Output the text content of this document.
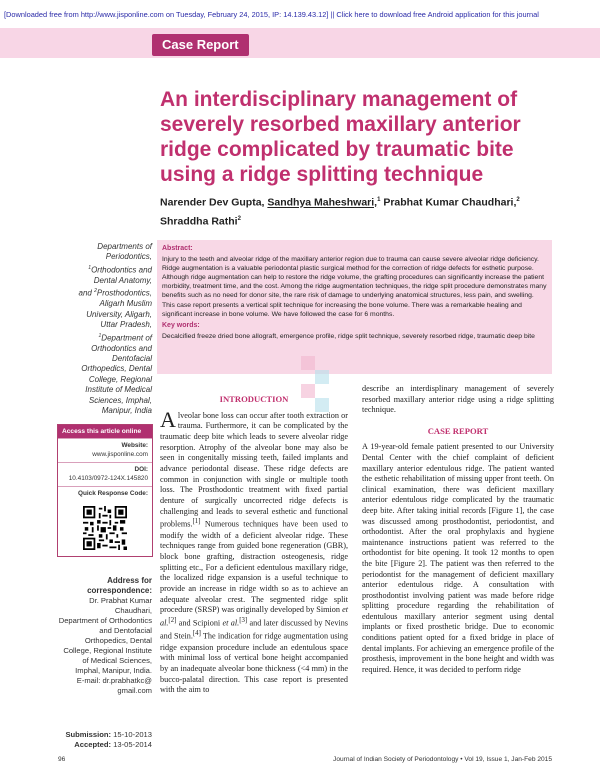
[Downloaded free from http://www.jisponline.com on Tuesday, February 24, 2015, IP: 14.139.43.12] || Click here to download free Android application for this journal
Case Report
An interdisciplinary management of severely resorbed maxillary anterior ridge complicated by traumatic bite using a ridge splitting technique
Narender Dev Gupta, Sandhya Maheshwari,$^1$ Prabhat Kumar Chaudhari,$^2$
Shraddha Rathi$^2$
Departments of
Periodontics,
$^1$Orthodontics and
Dental Anatomy,
and $^2$Prosthodontics,
Aligarh Muslim
University, Aligarh,
Uttar Pradesh,
$^1$Department of
Orthodontics and
Dentofacial
Orthopedics, Dental
College, Regional
Institute of Medical
Sciences, Imphal,
Manipur, India
Abstract:

Injury to the teeth and alveolar ridge of the maxillary anterior region due to trauma can cause severe alveolar ridge deficiency. Ridge augmentation is a valuable periodontal plastic surgical method for the correction of ridge defects for esthetic purpose. Although ridge augmentation can help to restore the ridge volume, the grafting procedures can significantly increase the patient morbidity, treatment time, and the cost. Among the ridge augmentation techniques, the ridge split procedure demonstrates many benefits such as no need for donor site, the rare risk of damage to underlying anatomical structures, less pain, and swelling. This case report presents a vertical split technique for increasing the bone volume. There was a remarkable healing and significant increase in bone volume. We have followed the case for 6 months.

Key words:

Decalcified freeze dried bone allograft, emergence profile, ridge split technique, severely resorbed ridge, traumatic deep bite

Access this article online
Website:
www.jisponline.com
DOI:
10.4103/0972-124X.145820
Quick Response Code:
Address for
correspondence:
Dr. Prabhat Kumar
Chaudhari,
Department of Orthodontics
and Dentofacial
Orthopedics, Dental
College, Regional Institute
of Medical Sciences,
Imphal, Manipur, India.
E-mail: dr.prabhatkc@
gmail.com
Submission: 15-10-2013
Accepted: 13-05-2014
INTRODUCTION

Alveolar bone loss can occur after tooth extraction or trauma. Furthermore, it can be complicated by the traumatic deep bite which leads to severe alveolar ridge resorption. Atrophy of the alveolar bone may also be seen in congenitally missing teeth, failed implants and advance periodontal disease. These ridge defects are common in conjunction with single or multiple tooth loss. The Prosthodontic treatment with fixed partial denture of surgically uncorrected ridge defects is challenging and leads to several esthetic and functional problems.[1] Numerous techniques have been used to modify the width of a deficient alveolar ridge. These techniques range from guided bone regeneration (GBR), block bone grafting, distraction osteogenesis, ridge splitting etc., For a deficient edentulous maxillary ridge, the localized ridge expansion is a useful technique to provide an increase in ridge width so as to achieve an adequate alveolar crest. The segmented ridge split procedure (SRSP) was originally developed by Simion et al.[2] and Scipioni et al.[3] and later discussed by Nevins and Stein.[4] The indication for ridge augmentation using ridge expansion procedure include an edentulous space with minimal loss of vertical bone height accompanied by an inadequate alveolar bone thickness (<4 mm) in the bucco-palatal direction. This case report is presented with the aim to

describe an interdisplinary management of severely resorbed maxillary anterior ridge using a ridge splitting technique.

CASE REPORT

A 19-year-old female patient presented to our University Dental Center with the chief complaint of deficient maxillary anterior edentulous ridge. The patient wanted the esthetic rehabilitation of missing upper front teeth. On clinical examination, there was deficient maxillary anterior edentulous ridge complicated by the traumatic deep bite. After taking initial records [Figure 1], the case was discussed among prosthodontist, periodontist, and orthodontist. After the oral prophylaxis and hygiene maintenance instructions patient was referred to the orthodontist for bite opening. It took 12 months to open the bite [Figure 2]. The patient was then referred to the periodontist for the management of deficient maxillary anterior edentulous ridge. A consultation with prosthodontist involving patient was made before ridge splitting procedure regarding the rehabilitation of edentulous maxillary anterior segment using dental implants or fixed prosthetic bridge. Due to economic conditions patient opted for a fixed bridge in place of dental implants. For achieving an emergence profile of the prosthesis, improvement in the bone height and width was required. Hence, it was decided to perform ridge

96	Journal of Indian Society of Periodontology • Vol 19, Issue 1, Jan-Feb 2015
